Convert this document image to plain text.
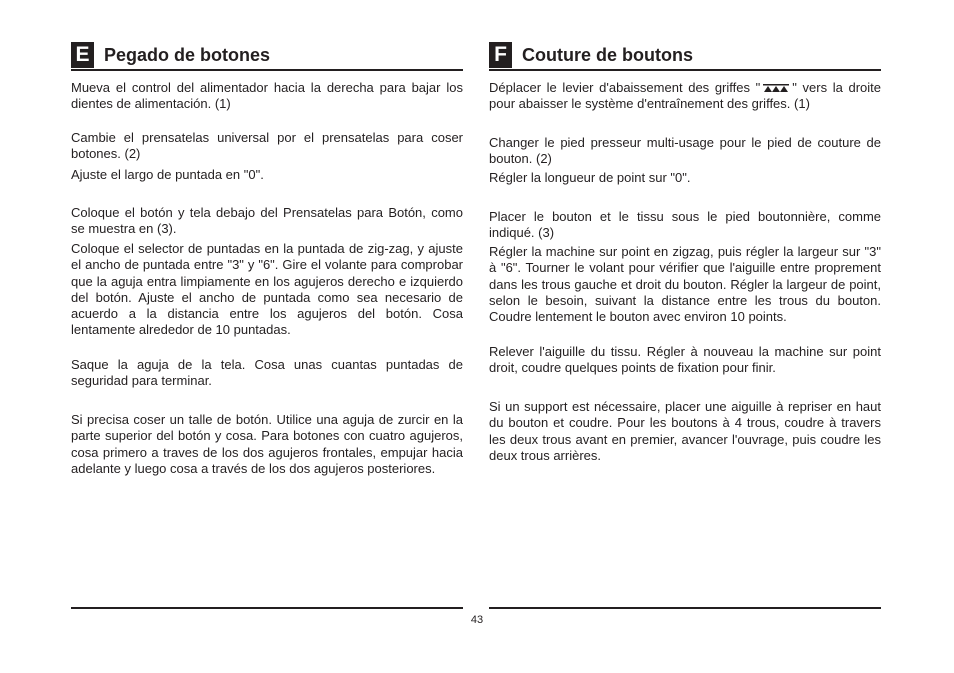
E Pegado de botones

Mueva el control del alimentador hacia la derecha para bajar los dientes de alimentación. (1)

Cambie el prensatelas universal por el prensatelas para coser botones. (2)

Ajuste el largo de puntada en "0".

Coloque el botón y tela debajo del Prensatelas para Botón, como se muestra en (3).

Coloque el selector de puntadas en la puntada de zig-zag, y ajuste el ancho de puntada entre "3" y "6". Gire el volante para comprobar que la aguja entra limpiamente en los agujeros derecho e izquierdo del botón. Ajuste el ancho de puntada como sea necesario de acuerdo a la distancia entre los agujeros del botón. Cosa lentamente alrededor de 10 puntadas.

Saque la aguja de la tela. Cosa unas cuantas puntadas de seguridad para terminar.

Si precisa coser un talle de botón. Utilice una aguja de zurcir en la parte superior del botón y cosa. Para botones con cuatro agujeros, cosa primero a traves de los dos agujeros frontales, empujar hacia adelante y luego cosa a través de los dos agujeros posteriores.

F Couture de boutons

Déplacer le levier d'abaissement des griffes " " vers la droite pour abaisser le système d'entraînement des griffes. (1)

Changer le pied presseur multi-usage pour le pied de couture de bouton. (2)

Régler la longueur de point sur "0".

Placer le bouton et le tissu sous le pied boutonnière, comme indiqué. (3)

Régler la machine sur point en zigzag, puis régler la largeur sur "3" à "6". Tourner le volant pour vérifier que l'aiguille entre proprement dans les trous gauche et droit du bouton. Régler la largeur de point, selon le besoin, suivant la distance entre les trous du bouton. Coudre lentement le bouton avec environ 10 points.

Relever l'aiguille du tissu. Régler à nouveau la machine sur point droit, coudre quelques points de fixation pour finir.

Si un support est nécessaire, placer une aiguille à repriser en haut du bouton et coudre. Pour les boutons à 4 trous, coudre à travers les deux trous avant en premier, avancer l'ouvrage, puis coudre les deux trous arrières.

43
